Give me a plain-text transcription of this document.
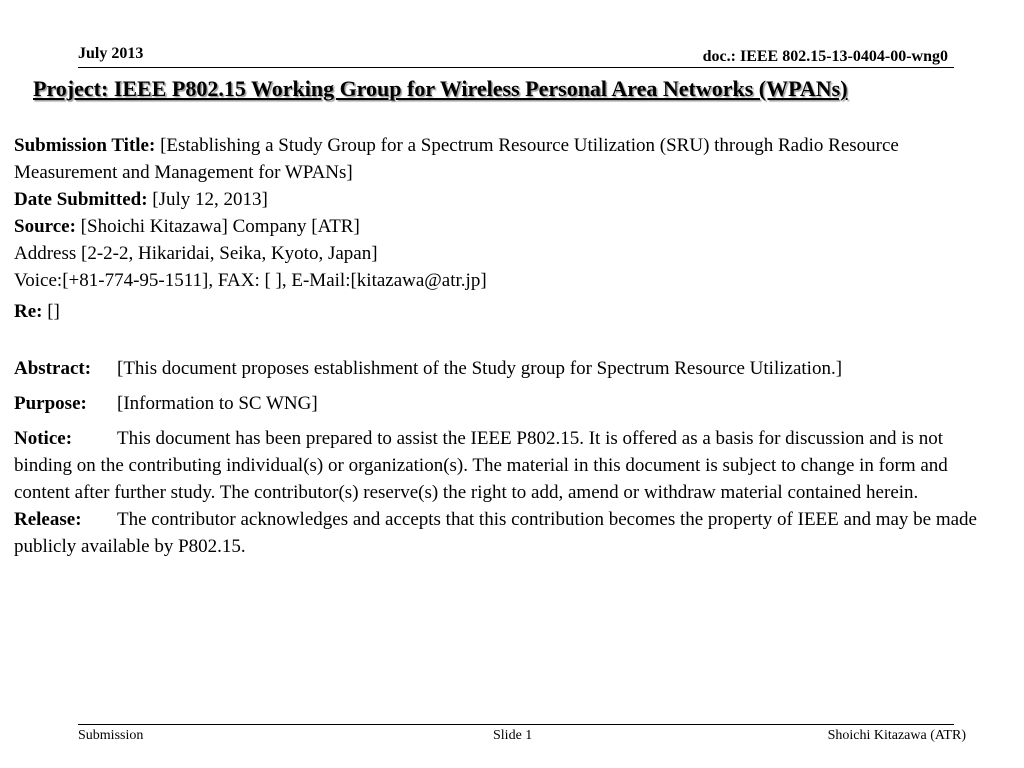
July 2013	doc.: IEEE 802.15-13-0404-00-wng0
Project: IEEE P802.15 Working Group for Wireless Personal Area Networks (WPANs)

Submission Title: [Establishing a Study Group for a Spectrum Resource Utilization (SRU) through Radio Resource Measurement and Management for WPANs]

Date Submitted: [July 12, 2013]

Source: [Shoichi Kitazawa] Company [ATR]

Address [2-2-2, Hikaridai, Seika, Kyoto, Japan]

Voice:[+81-774-95-1511], FAX: [ ], E-Mail:[kitazawa@atr.jp]

Re: []

Abstract:	[This document proposes establishment of the Study group for Spectrum Resource Utilization.]
Purpose:	[Information to SC WNG]

Notice: This document has been prepared to assist the IEEE P802.15. It is offered as a basis for discussion and is not binding on the contributing individual(s) or organization(s). The material in this document is subject to change in form and content after further study. The contributor(s) reserve(s) the right to add, amend or withdraw material contained herein.

Release: The contributor acknowledges and accepts that this contribution becomes the property of IEEE and may be made publicly available by P802.15.

Submission	Slide 1	Shoichi Kitazawa (ATR)
